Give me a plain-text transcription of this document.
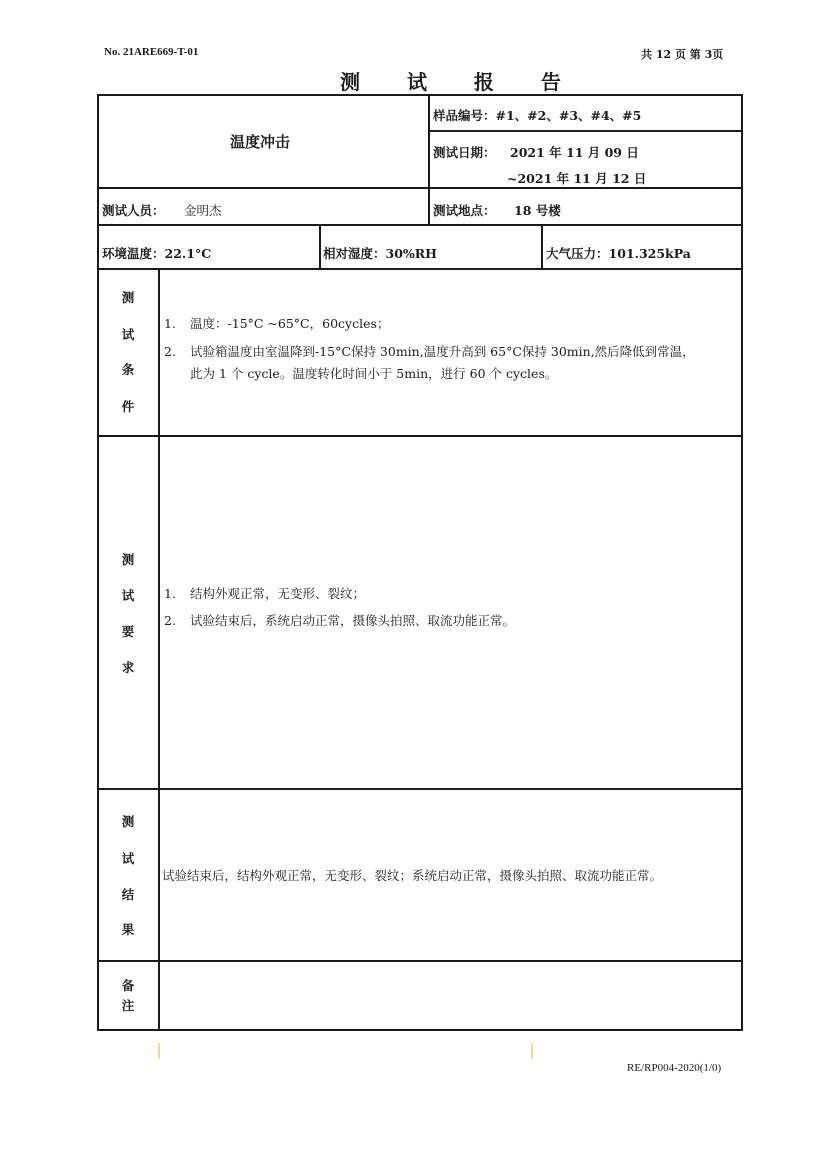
No. 21ARE669-T-01	共 12 页 第 3页
测 试 报 告
温度冲击
样品编号：#1、#2、#3、#4、#5
测试日期： 2021 年 11 月 09 日
~2021 年 11 月 12 日
测试人员： 金明杰	测试地点： 18 号楼
环境温度：22.1°C	相对湿度：30%RH	大气压力：101.325kPa
测
试
条
件
1. 温度：-15°C ~65°C，60cycles；
2. 试验箱温度由室温降到-15°C保持 30min,温度升高到 65°C保持 30min,然后降低到常温，
此为 1 个 cycle。温度转化时间小于 5min，进行 60 个 cycles。
测
试
要
求
1. 结构外观正常，无变形、裂纹；
2. 试验结束后，系统启动正常，摄像头拍照、取流功能正常。
测
试
结
果
试验结束后，结构外观正常，无变形、裂纹；系统启动正常，摄像头拍照、取流功能正常。
备
注
RE/RP004-2020(1/0)
